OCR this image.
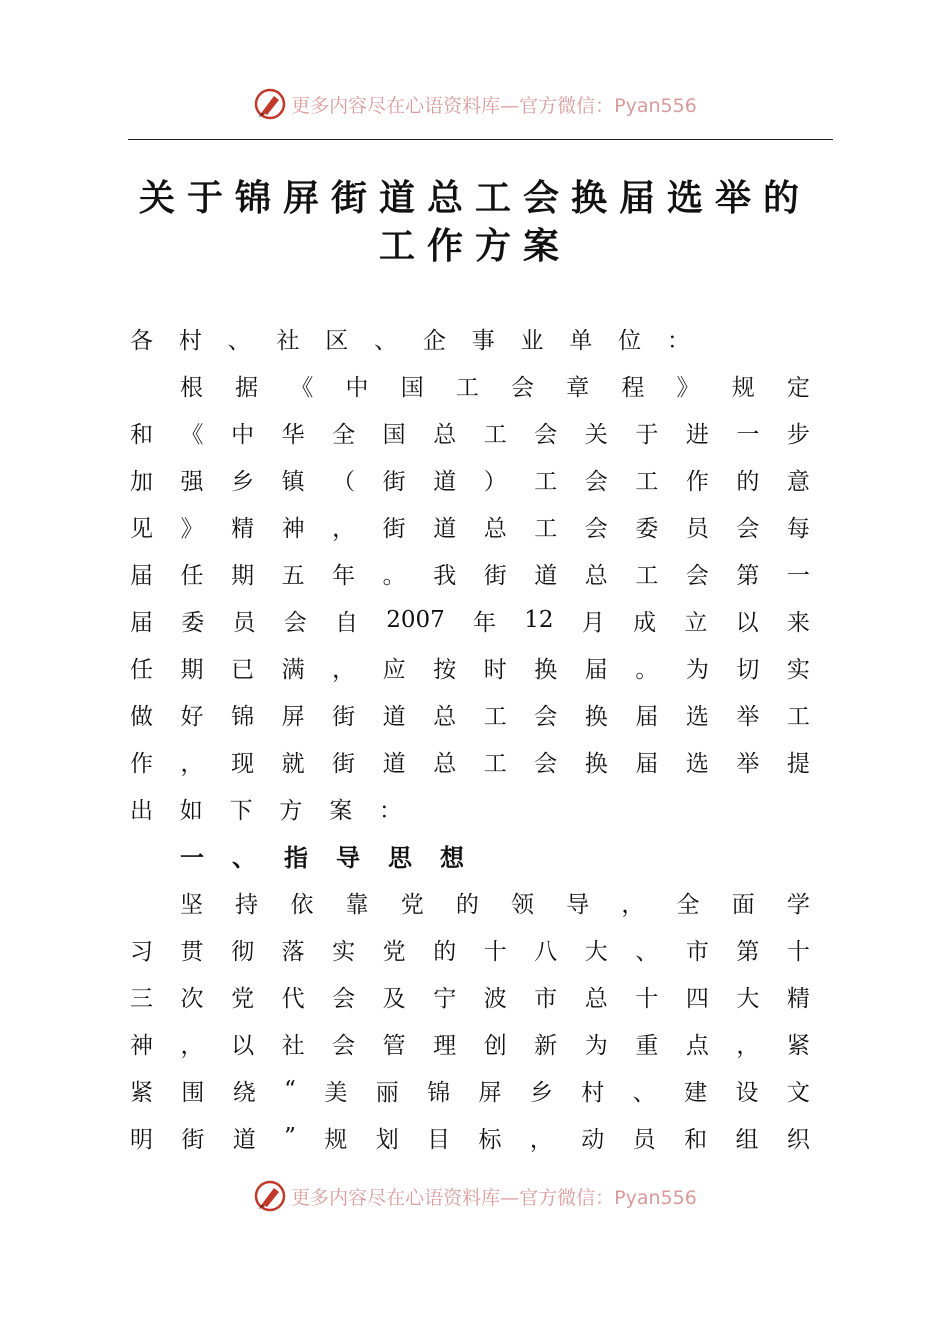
更多内容尽在心语资料库—官方微信：Pyan556
关于锦屏街道总工会换届选举的
工作方案
各 村 、 社 区 、 企 事 业 单 位 ：
根 据 《 中 国 工 会 章 程 》 规 定
和 《 中 华 全 国 总 工 会 关 于 进 一 步
加 强 乡 镇 （ 街 道 ） 工 会 工 作 的 意
见 》 精 神 ， 街 道 总 工 会 委 员 会 每
届 任 期 五 年 。 我 街 道 总 工 会 第 一
届 委 员 会 自 2007 年 12 月 成 立 以 来
任 期 已 满 ， 应 按 时 换 届 。 为 切 实
做 好 锦 屏 街 道 总 工 会 换 届 选 举 工
作 ， 现 就 街 道 总 工 会 换 届 选 举 提
出 如 下 方 案 ：
一 、 指 导 思 想
坚 持 依 靠 党 的 领 导 ， 全 面 学
习 贯 彻 落 实 党 的 十 八 大 、 市 第 十
三 次 党 代 会 及 宁 波 市 总 十 四 大 精
神 ， 以 社 会 管 理 创 新 为 重 点 ， 紧
紧 围 绕 “ 美 丽 锦 屏 乡 村 、 建 设 文
明 街 道 ” 规 划 目 标 ， 动 员 和 组 织
更多内容尽在心语资料库—官方微信：Pyan556
